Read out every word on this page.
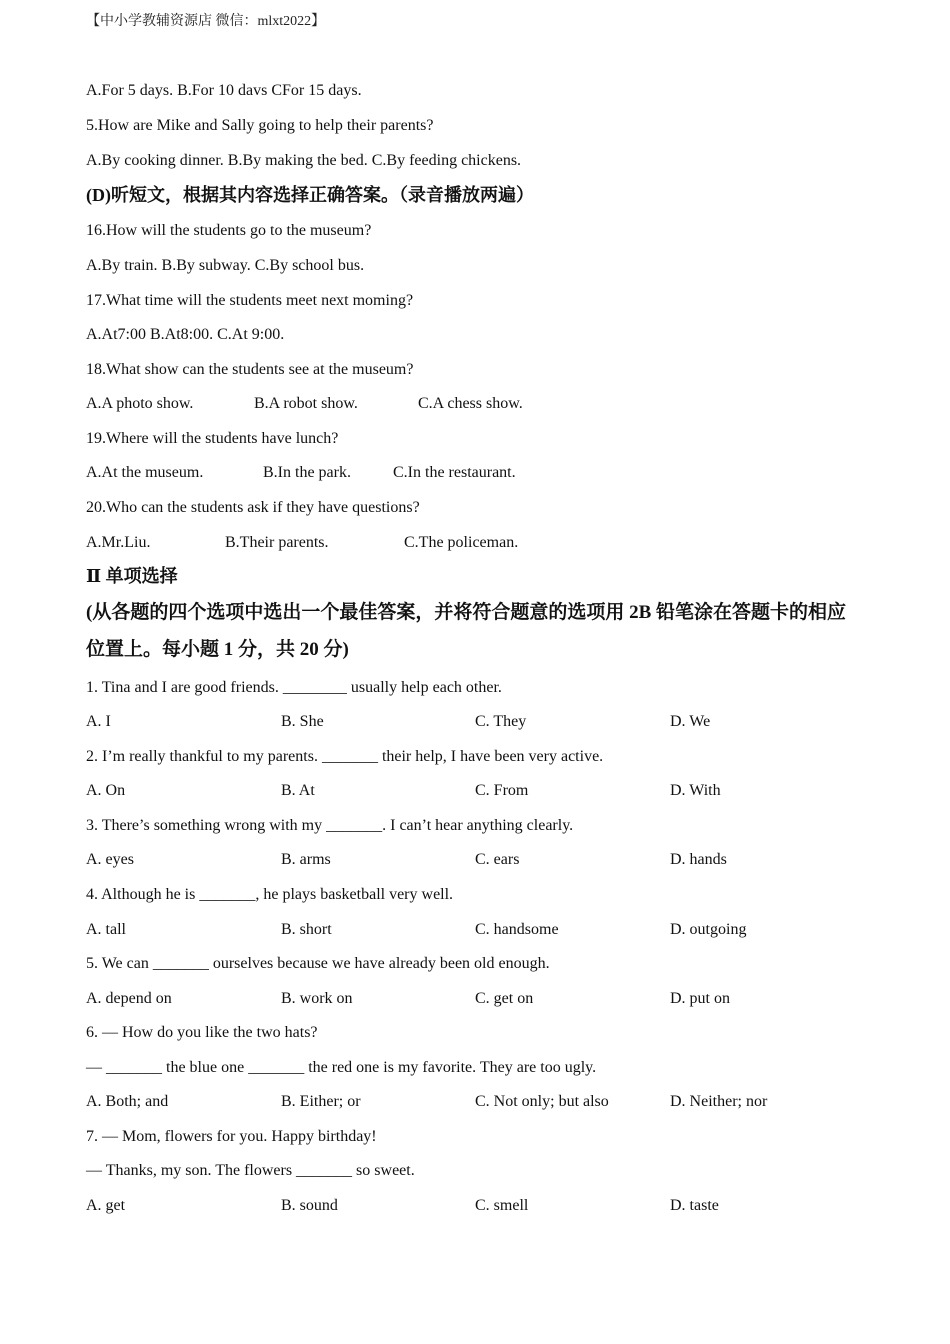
【中小学教辅资源店 微信：mlxt2022】
A.For 5 days. B.For 10 davs CFor 15 days.
5.How are Mike and Sally going to help their parents?
A.By cooking dinner. B.By making the bed. C.By feeding chickens.
(D)听短文，根据其内容选择正确答案。（录音播放两遍）
16.How will the students go to the museum?
A.By train. B.By subway. C.By school bus.
17.What time will the students meet next moming?
A.At7:00 B.At8:00. C.At 9:00.
18.What show can the students see at the museum?
A.A photo show.	B.A robot show.	C.A chess show.
19.Where will the students have lunch?
A.At the museum.	B.In the park.	C.In the restaurant.
20.Who can the students ask if they have questions?
A.Mr.Liu.	B.Their parents.	C.The policeman.
Ⅱ 单项选择
(从各题的四个选项中选出一个最佳答案，并将符合题意的选项用 2B 铅笔涂在答题卡的相应
位置上。每小题 1 分，共 20 分)
1. Tina and I are good friends. ________ usually help each other.
A. I	B. She	C. They	D. We
2. I’m really thankful to my parents. _______ their help, I have been very active.
A. On	B. At	C. From	D. With
3. There’s something wrong with my _______. I can’t hear anything clearly.
A. eyes	B. arms	C. ears	D. hands
4. Although he is _______, he plays basketball very well.
A. tall	B. short	C. handsome	D. outgoing
5. We can _______ ourselves because we have already been old enough.
A. depend on	B. work on	C. get on	D. put on
6. — How do you like the two hats?
— _______ the blue one _______ the red one is my favorite. They are too ugly.
A. Both; and	B. Either; or	C. Not only; but also	D. Neither; nor
7. — Mom, flowers for you. Happy birthday!
— Thanks, my son. The flowers _______ so sweet.
A. get	B. sound	C. smell	D. taste
